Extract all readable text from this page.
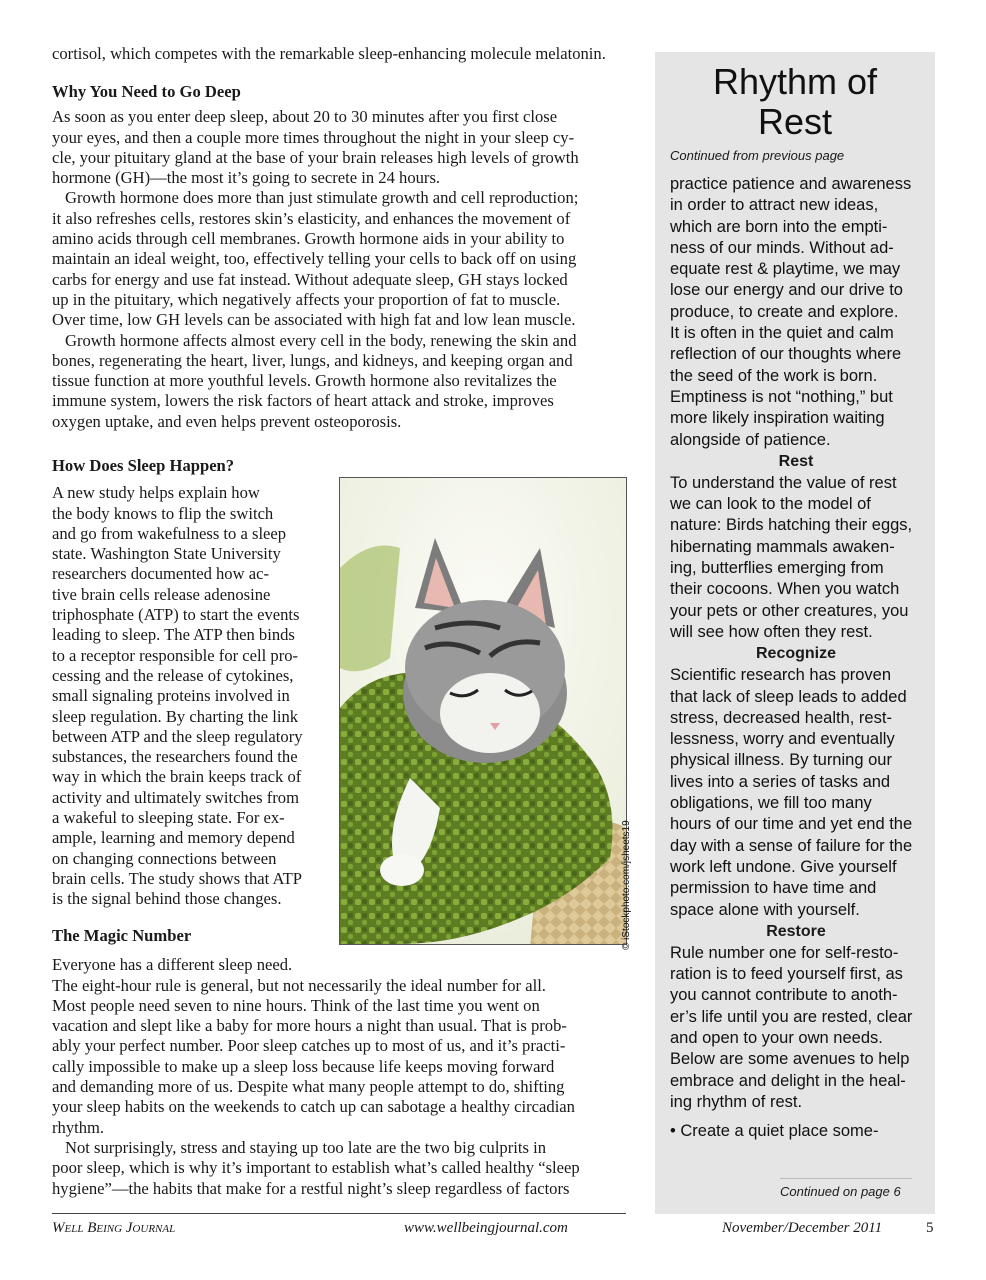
cortisol, which competes with the remarkable sleep-enhancing molecule melatonin.
Why You Need to Go Deep
As soon as you enter deep sleep, about 20 to 30 minutes after you first close
your eyes, and then a couple more times throughout the night in your sleep cy-
cle, your pituitary gland at the base of your brain releases high levels of growth
hormone (GH)—the most it’s going to secrete in 24 hours.
Growth hormone does more than just stimulate growth and cell reproduction;
it also refreshes cells, restores skin’s elasticity, and enhances the movement of
amino acids through cell membranes. Growth hormone aids in your ability to
maintain an ideal weight, too, effectively telling your cells to back off on using
carbs for energy and use fat instead. Without adequate sleep, GH stays locked
up in the pituitary, which negatively affects your proportion of fat to muscle.
Over time, low GH levels can be associated with high fat and low lean muscle.
Growth hormone affects almost every cell in the body, renewing the skin and
bones, regenerating the heart, liver, lungs, and kidneys, and keeping organ and
tissue function at more youthful levels. Growth hormone also revitalizes the
immune system, lowers the risk factors of heart attack and stroke, improves
oxygen uptake, and even helps prevent osteoporosis.
How Does Sleep Happen?
A new study helps explain how
the body knows to flip the switch
and go from wakefulness to a sleep
state. Washington State University
researchers documented how ac-
tive brain cells release adenosine
triphosphate (ATP) to start the events
leading to sleep. The ATP then binds
to a receptor responsible for cell pro-
cessing and the release of cytokines,
small signaling proteins involved in
sleep regulation. By charting the link
between ATP and the sleep regulatory
substances, the researchers found the
way in which the brain keeps track of
activity and ultimately switches from
a wakeful to sleeping state. For ex-
ample, learning and memory depend
on changing connections between
brain cells. The study shows that ATP
is the signal behind those changes.
The Magic Number
Everyone has a different sleep need.
The eight-hour rule is general, but not necessarily the ideal number for all.
Most people need seven to nine hours. Think of the last time you went on
vacation and slept like a baby for more hours a night than usual. That is prob-
ably your perfect number. Poor sleep catches up to most of us, and it’s practi-
cally impossible to make up a sleep loss because life keeps moving forward
and demanding more of us. Despite what many people attempt to do, shifting
your sleep habits on the weekends to catch up can sabotage a healthy circadian
rhythm.
Not surprisingly, stress and staying up too late are the two big culprits in
poor sleep, which is why it’s important to establish what’s called healthy “sleep
hygiene”—the habits that make for a restful night’s sleep regardless of factors
© iStockphoto.com/jsheets19
Rhythm of
Rest
Continued from previous page
practice patience and awareness
in order to attract new ideas,
which are born into the empti-
ness of our minds. Without ad-
equate rest & playtime, we may
lose our energy and our drive to
produce, to create and explore.
It is often in the quiet and calm
reflection of our thoughts where
the seed of the work is born.
Emptiness is not “nothing,” but
more likely inspiration waiting
alongside of patience.
Rest
To understand the value of rest
we can look to the model of
nature: Birds hatching their eggs,
hibernating mammals awaken-
ing, butterflies emerging from
their cocoons. When you watch
your pets or other creatures, you
will see how often they rest.
Recognize
Scientific research has proven
that lack of sleep leads to added
stress, decreased health, rest-
lessness, worry and eventually
physical illness. By turning our
lives into a series of tasks and
obligations, we fill too many
hours of our time and yet end the
day with a sense of failure for the
work left undone. Give yourself
permission to have time and
space alone with yourself.
Restore
Rule number one for self-resto-
ration is to feed yourself first, as
you cannot contribute to anoth-
er’s life until you are rested, clear
and open to your own needs.
Below are some avenues to help
embrace and delight in the heal-
ing rhythm of rest.
• Create a quiet place some-
Continued on page 6
Well Being Journal	www.wellbeingjournal.com	November/December 2011	5
